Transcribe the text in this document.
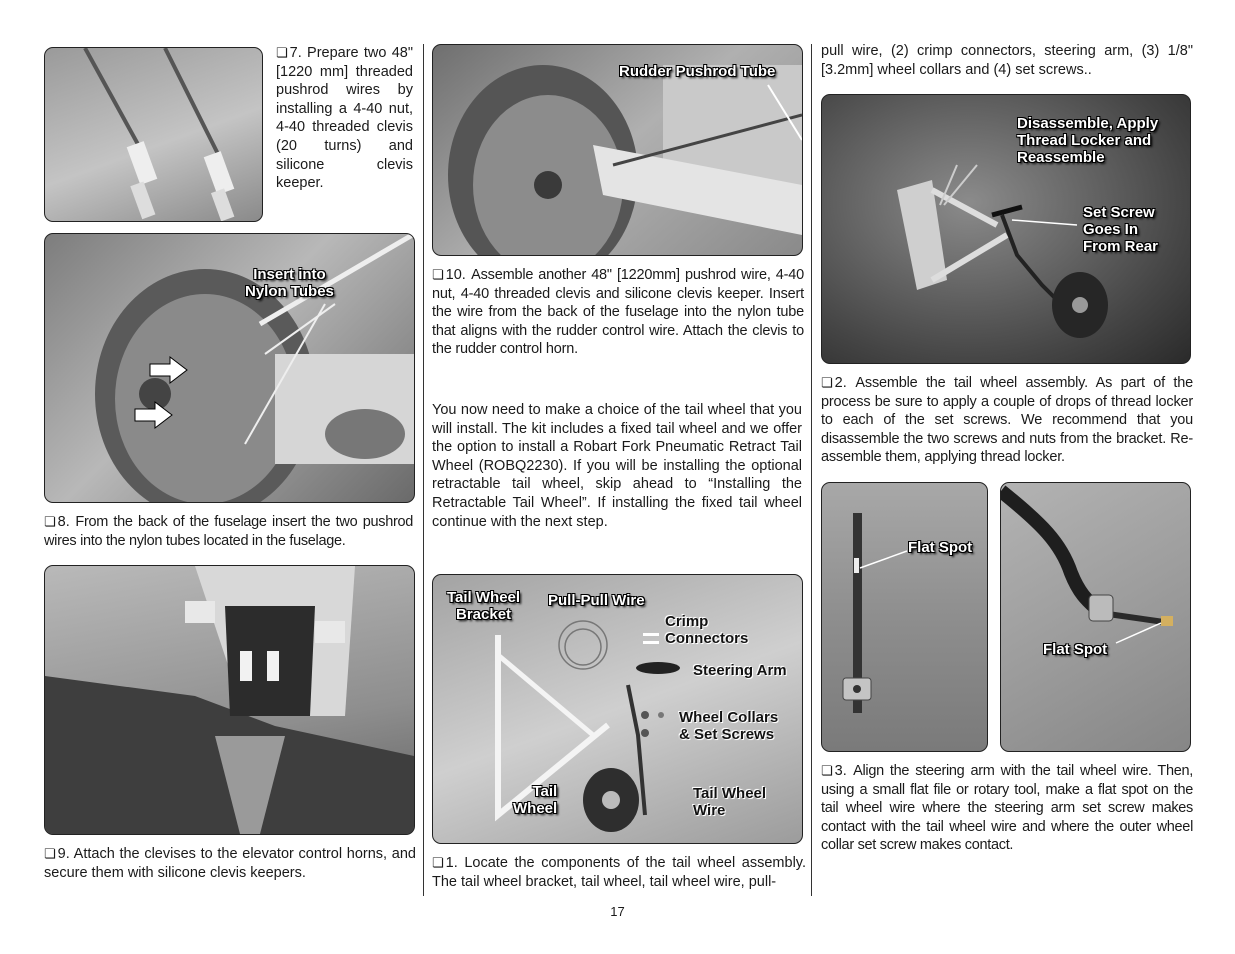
❏ 7. Prepare two 48" [1220 mm] threaded pushrod wires by installing a 4-40 nut, 4-40 threaded clevis (20 turns) and silicone clevis keeper.
Insert into
Nylon Tubes
❏ 8. From the back of the fuselage insert the two pushrod wires into the nylon tubes located in the fuselage.
❏ 9. Attach the clevises to the elevator control horns, and secure them with silicone clevis keepers.
Rudder Pushrod Tube
❏ 10. Assemble another 48" [1220mm] pushrod wire, 4-40 nut, 4-40 threaded clevis and silicone clevis keeper. Insert the wire from the back of the fuselage into the nylon tube that aligns with the rudder control wire. Attach the clevis to the rudder control horn.
You now need to make a choice of the tail wheel that you will install. The kit includes a fixed tail wheel and we offer the option to install a Robart Fork Pneumatic Retract Tail Wheel (ROBQ2230). If you will be installing the optional retractable tail wheel, skip ahead to “Installing the Retractable Tail Wheel”. If installing the fixed tail wheel continue with the next step.
Tail Wheel
Bracket
Pull-Pull Wire
Crimp
Connectors
Steering Arm
Wheel Collars
& Set Screws
Tail
Wheel
Tail Wheel
Wire
❏ 1. Locate the components of the tail wheel assembly. The tail wheel bracket, tail wheel, tail wheel wire, pull-
pull wire, (2) crimp connectors, steering arm, (3) 1/8" [3.2mm] wheel collars and (4) set screws..
Disassemble, Apply
Thread Locker and
Reassemble
Set Screw
Goes In
From Rear
❏ 2. Assemble the tail wheel assembly. As part of the process be sure to apply a couple of drops of thread locker to each of the set screws. We recommend that you disassemble the two screws and nuts from the bracket. Re-assemble them, applying thread locker.
Flat Spot
Flat Spot
❏ 3. Align the steering arm with the tail wheel wire. Then, using a small flat file or rotary tool, make a flat spot on the tail wheel wire where the steering arm set screw makes contact with the tail wheel wire and where the outer wheel collar set screw makes contact.
17
